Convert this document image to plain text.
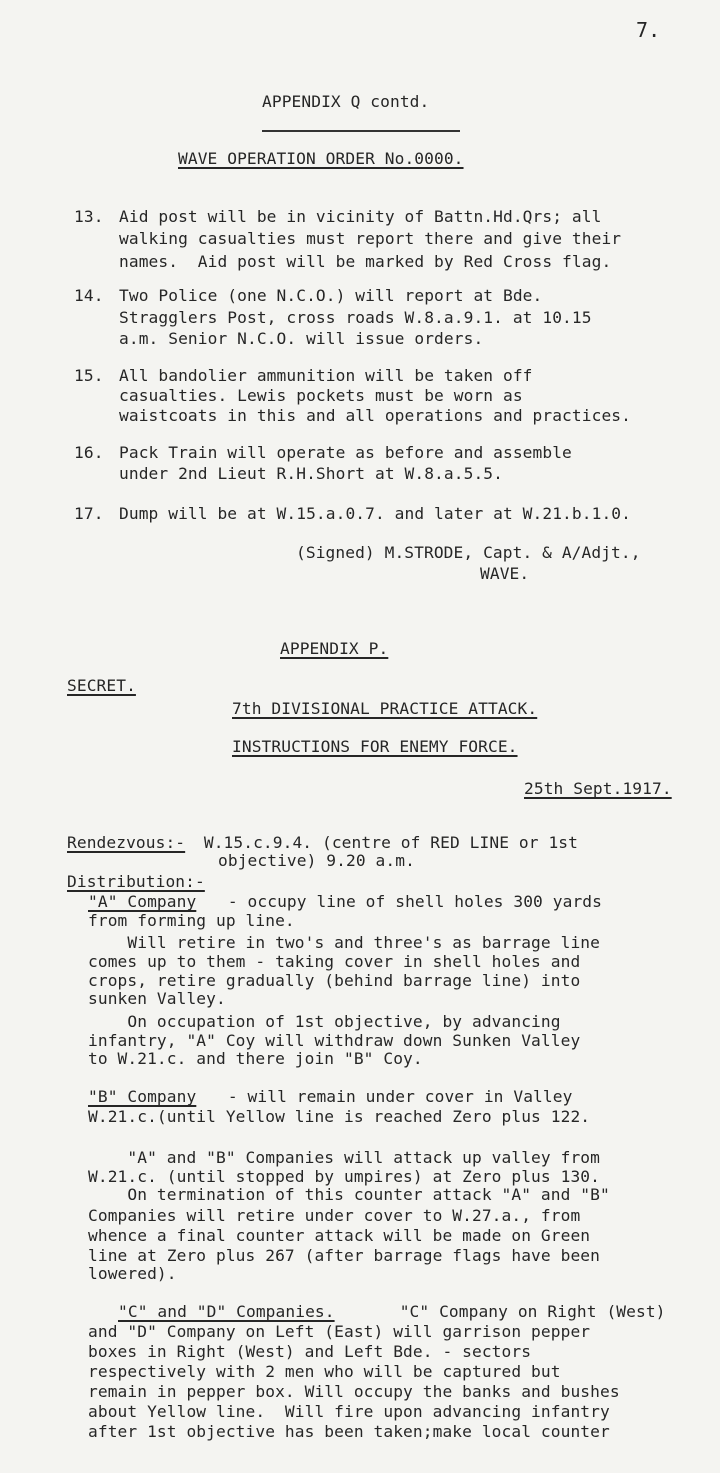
7.
APPENDIX Q contd.
WAVE OPERATION ORDER No.0000.
13. Aid post will be in vicinity of Battn.Hd.Qrs; all
walking casualties must report there and give their
names.  Aid post will be marked by Red Cross flag.
14. Two Police (one N.C.O.) will report at Bde.
Stragglers Post, cross roads W.8.a.9.1. at 10.15
a.m. Senior N.C.O. will issue orders.
15. All bandolier ammunition will be taken off
casualties. Lewis pockets must be worn as
waistcoats in this and all operations and practices.
16. Pack Train will operate as before and assemble
under 2nd Lieut R.H.Short at W.8.a.5.5.
17. Dump will be at W.15.a.0.7. and later at W.21.b.1.0.
(Signed) M.STRODE, Capt. & A/Adjt.,
WAVE.
APPENDIX P.
SECRET.
7th DIVISIONAL PRACTICE ATTACK.
INSTRUCTIONS FOR ENEMY FORCE.
25th Sept.1917.
Rendezvous:- W.15.c.9.4. (centre of RED LINE or 1st
objective) 9.20 a.m.
Distribution:-
"A" Company - occupy line of shell holes 300 yards
from forming up line.
Will retire in two's and three's as barrage line
comes up to them - taking cover in shell holes and
crops, retire gradually (behind barrage line) into
sunken Valley.
On occupation of 1st objective, by advancing
infantry, "A" Coy will withdraw down Sunken Valley
to W.21.c. and there join "B" Coy.
"B" Company - will remain under cover in Valley
W.21.c.(until Yellow line is reached Zero plus 122.
"A" and "B" Companies will attack up valley from
W.21.c. (until stopped by umpires) at Zero plus 130.
On termination of this counter attack "A" and "B"
Companies will retire under cover to W.27.a., from
whence a final counter attack will be made on Green
line at Zero plus 267 (after barrage flags have been
lowered).
"C" and "D" Companies.	"C" Company on Right (West)
and "D" Company on Left (East) will garrison pepper
boxes in Right (West) and Left Bde. - sectors
respectively with 2 men who will be captured but
remain in pepper box. Will occupy the banks and bushes
about Yellow line.  Will fire upon advancing infantry
after 1st objective has been taken;make local counter
